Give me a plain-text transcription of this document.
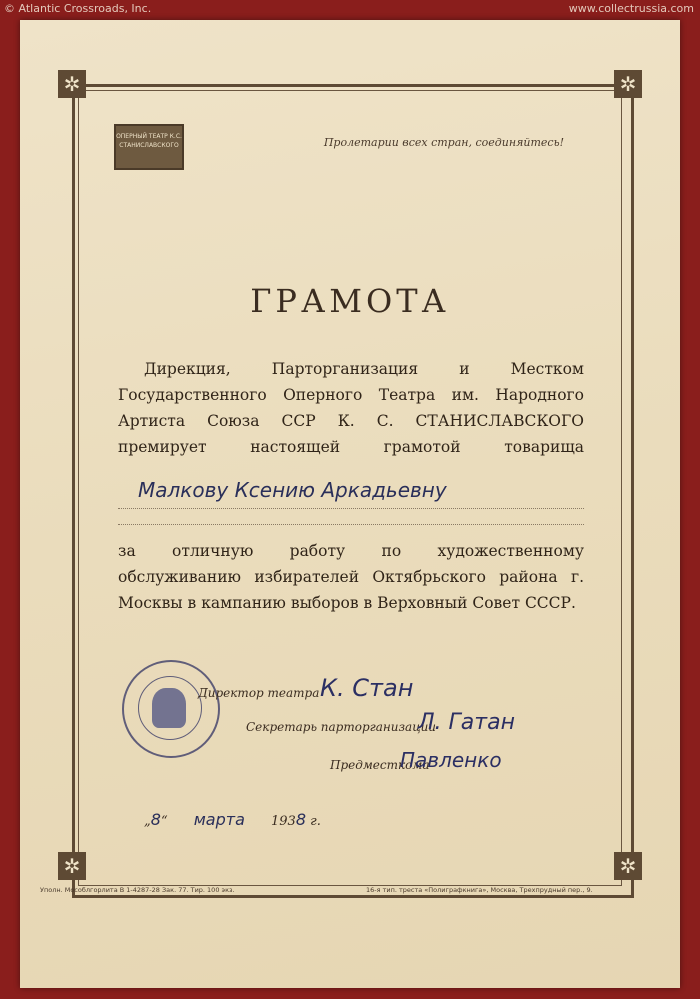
© Atlantic Crossroads, Inc.	www.collectrussia.com
✲	✲
✲	✲
ОПЕРНЫЙ ТЕАТР К.С. СТАНИСЛАВСКОГО	Пролетарии всех стран, соединяйтесь!
ГРАМОТА
Дирекция, Парторганизация и Местком
Государственного Оперного Театра им. Народного
Артиста Союза ССР К. С. СТАНИСЛАВСКОГО
премирует настоящей грамотой товарища
Малкову Ксению Аркадьевну
за отличную работу по художественному обслуживанию избирателей Октябрьского района г. Москвы в кампанию выборов в Верховный Совет СССР.
Директор театра К. Стан
Секретарь парторганизации
Л. Гатан
Предместкома
Павленко
„8“ марта 1938 г.
Уполн. Мособлгорлита В 1-4287-28 Зак. 77. Тир. 100 экз.	16-я тип. треста «Полиграфкнига», Москва, Трехпрудный пер., 9.
